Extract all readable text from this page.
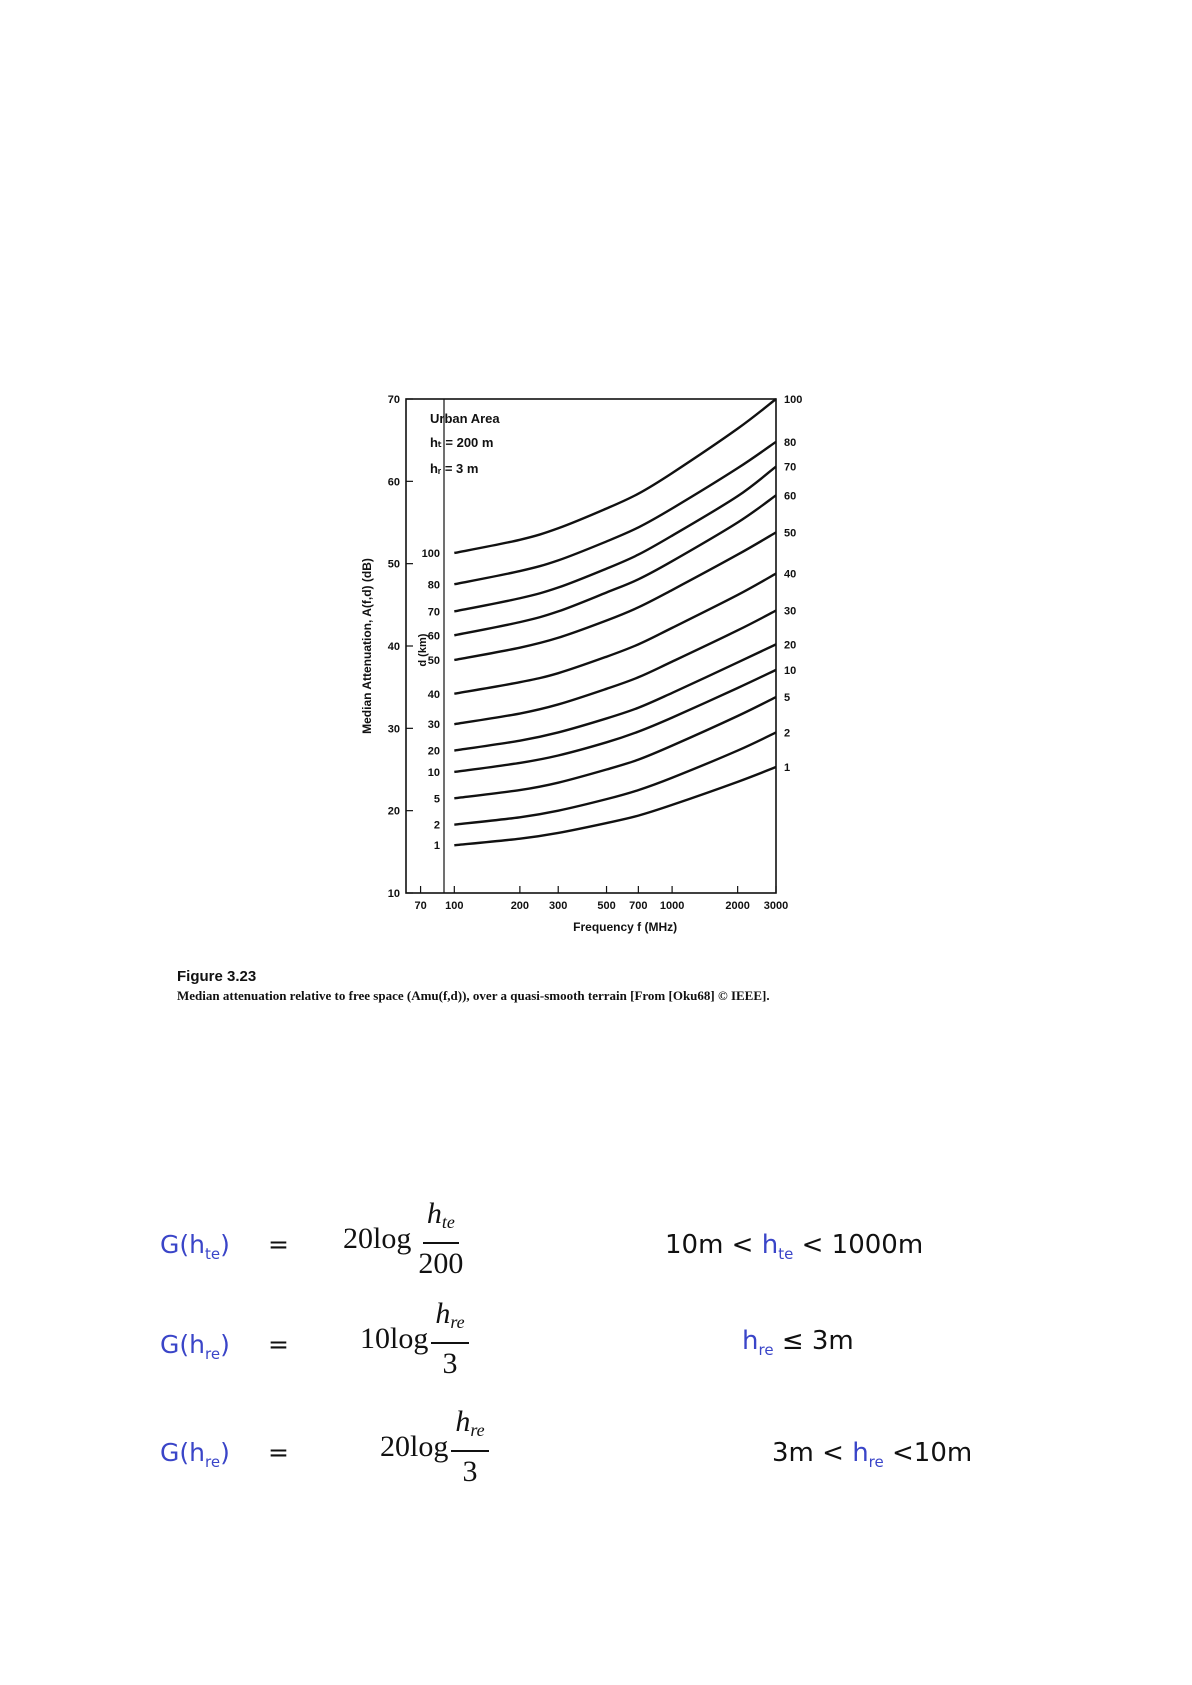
10
20
30
40
50
60
70
70 100	200 300	500 700 1000	2000 3000
1
2
5
10
20
30
40
50
60
70
80
100
1
2
5
10
20
30
40
50
60
70
80
100
Frequency f (MHz)
Median Attenuation, A(f,d) (dB)	d (km)
Urban Area
hₜ = 200 m
hᵣ = 3 m
Figure 3.23
Median attenuation relative to free space (Amu(f,d)), over a quasi-smooth terrain [From [Oku68] © IEEE].
$G(h_{te}) = 20\log \frac{\text{hte}}{200}$	$10m < h_{te} < 1000m$
$G(h_{re}) = 10\log \frac{\text{hre}}{3}$	$h_{re} \le 3m$
$G(h_{re})$ =	$20\log \frac{\text{hre}}{3}$	$3m < h_{re} <10m$
